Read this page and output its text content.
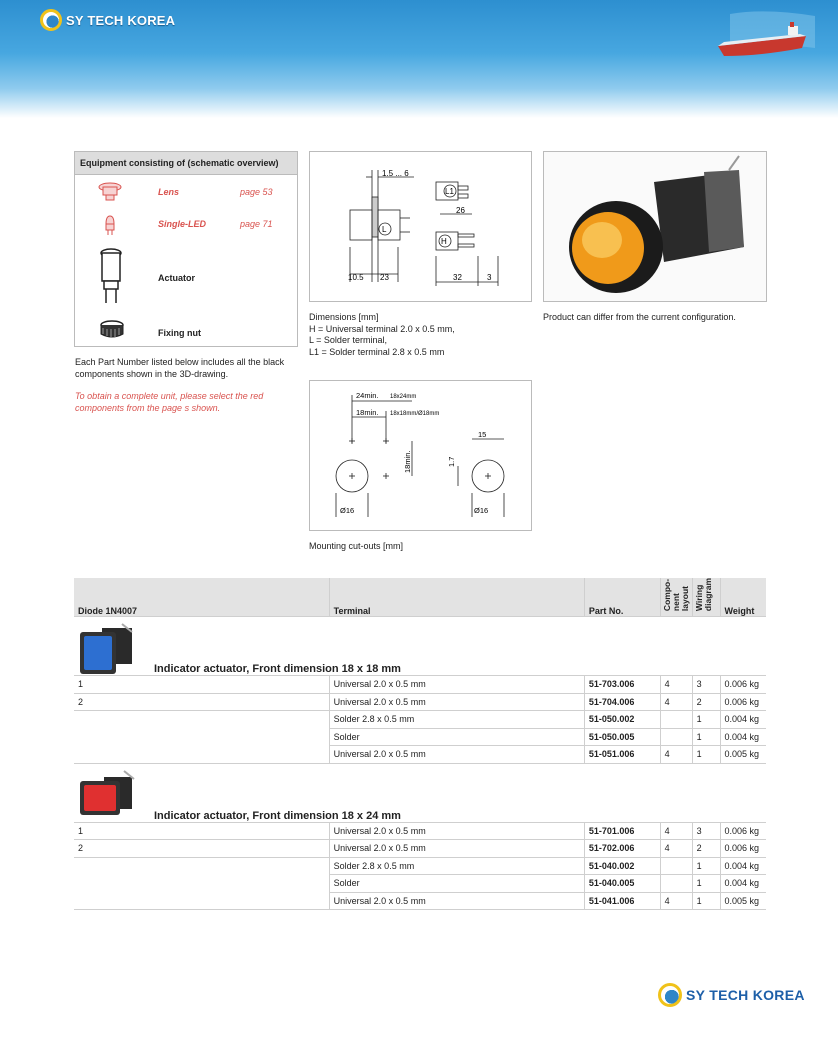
SY TECH KOREA
Equipment consisting of (schematic overview)
Lens	page 53
Single-LED	page 71
Actuator
Fixing nut
Each Part Number listed below includes all the black components shown in the 3D-drawing.
To obtain a complete unit, please select the red components from the page s shown.
1.5 ... 6
26
10.5 23	32	3
L1
L
H
Dimensions [mm]
H = Universal terminal 2.0 x 0.5 mm,
L = Solder terminal,
L1 = Solder terminal 2.8 x 0.5 mm
Product can differ from the current configuration.
24min. 18x24mm
18min. 18x18mm/Ø18mm
18min.	1.7
15
Ø16	Ø16
Mounting cut-outs [mm]
Diode 1N4007	Terminal	Part No.	Compo- nent layout	Wiring diagram	Weight

Indicator actuator, Front dimension 18 x 18 mm					

1	Universal 2.0 x 0.5 mm	51-703.006	4	3	0.006 kg
2	Universal 2.0 x 0.5 mm	51-704.006	4	2	0.006 kg
	Solder 2.8 x 0.5 mm	51-050.002		1	0.004 kg
	Solder	51-050.005		1	0.004 kg
	Universal 2.0 x 0.5 mm	51-051.006	4	1	0.005 kg

Indicator actuator, Front dimension 18 x 24 mm					

1	Universal 2.0 x 0.5 mm	51-701.006	4	3	0.006 kg
2	Universal 2.0 x 0.5 mm	51-702.006	4	2	0.006 kg
	Solder 2.8 x 0.5 mm	51-040.002		1	0.004 kg
	Solder	51-040.005		1	0.004 kg
	Universal 2.0 x 0.5 mm	51-041.006	4	1	0.005 kg
SY TECH KOREA
